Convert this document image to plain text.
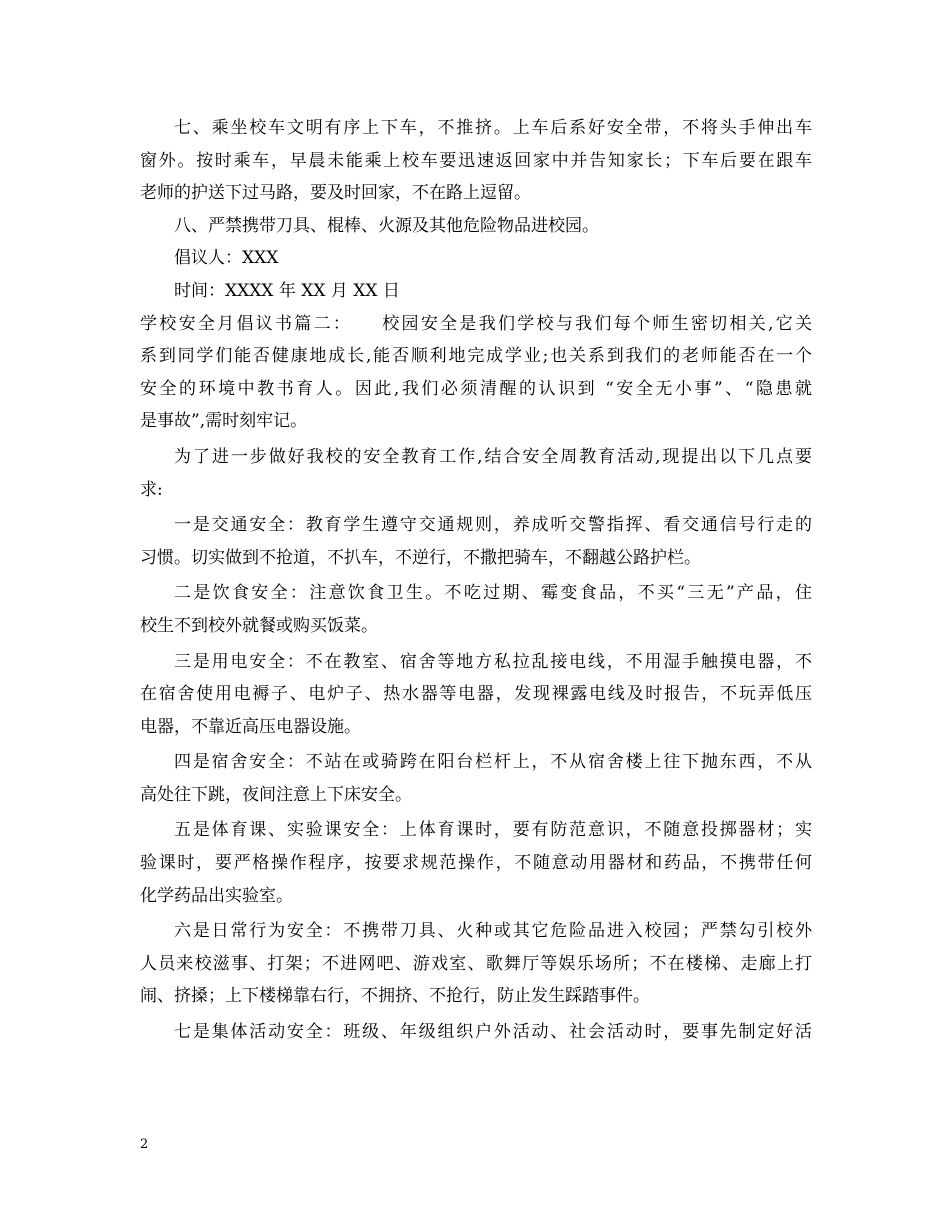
七、乘坐校车文明有序上下车，不推挤。上车后系好安全带，不将头手伸出车
窗外。按时乘车，早晨未能乘上校车要迅速返回家中并告知家长；下车后要在跟车
老师的护送下过马路，要及时回家，不在路上逗留。
八、严禁携带刀具、棍棒、火源及其他危险物品进校园。
倡议人：XXX
时间：XXXX 年 XX 月 XX 日
学校安全月倡议书篇二：　　校园安全是我们学校与我们每个师生密切相关,它关
系到同学们能否健康地成长,能否顺利地完成学业;也关系到我们的老师能否在一个
安全的环境中教书育人。因此,我们必须清醒的认识到 “安全无小事”、“隐患就
是事故”,需时刻牢记。
为了进一步做好我校的安全教育工作,结合安全周教育活动,现提出以下几点要
求:
一是交通安全：教育学生遵守交通规则，养成听交警指挥、看交通信号行走的
习惯。切实做到不抢道，不扒车，不逆行，不撒把骑车，不翻越公路护栏。
二是饮食安全：注意饮食卫生。不吃过期、霉变食品，不买“三无”产品，住
校生不到校外就餐或购买饭菜。
三是用电安全：不在教室、宿舍等地方私拉乱接电线，不用湿手触摸电器，不
在宿舍使用电褥子、电炉子、热水器等电器，发现裸露电线及时报告，不玩弄低压
电器，不靠近高压电器设施。
四是宿舍安全：不站在或骑跨在阳台栏杆上，不从宿舍楼上往下抛东西，不从
高处往下跳，夜间注意上下床安全。
五是体育课、实验课安全：上体育课时，要有防范意识，不随意投掷器材；实
验课时，要严格操作程序，按要求规范操作，不随意动用器材和药品，不携带任何
化学药品出实验室。
六是日常行为安全：不携带刀具、火种或其它危险品进入校园；严禁勾引校外
人员来校滋事、打架；不进网吧、游戏室、歌舞厅等娱乐场所；不在楼梯、走廊上打
闹、挤搡；上下楼梯靠右行，不拥挤、不抢行，防止发生踩踏事件。
七是集体活动安全：班级、年级组织户外活动、社会活动时，要事先制定好活
2
